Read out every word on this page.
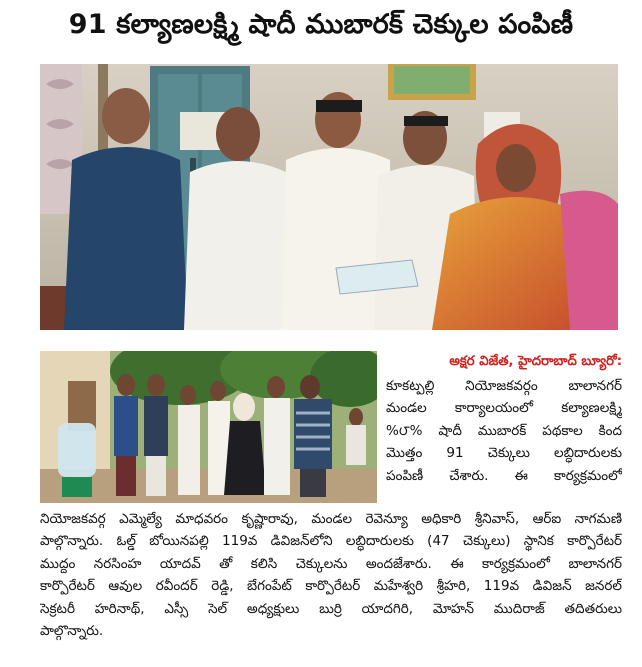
91 కల్యాణలక్ష్మి షాదీ ముబారక్ చెక్కుల పంపిణీ
అక్షర విజేత, హైదరాబాద్ బ్యూరో:
కూకట్పల్లి నియోజకవర్గం బాలానగర్
మండల కార్యాలయంలో కల్యాణలక్ష్మి
%౮% షాదీ ముబారక్ పథకాల కింద
మొత్తం 91 చెక్కులు లబ్ధిదారులకు
పంపిణీ చేశారు. ఈ కార్యక్రమంలో
నియోజకవర్గ ఎమ్మెల్యే మాధవరం కృష్ణారావు, మండల రెవెన్యూ అధికారి శ్రీనివాస్, ఆర్ఐ నాగమణి
పాల్గొన్నారు. ఓల్డ్ బోయినపల్లి 119వ డివిజన్‌లోని లబ్ధిదారులకు (47 చెక్కులు) స్థానిక కార్పొరేటర్
ముద్దం నరసింహ యాదవ్ తో కలిసి చెక్కులను అందజేశారు. ఈ కార్యక్రమంలో బాలానగర్
కార్పొరేటర్ ఆవుల రవీందర్ రెడ్డి, బేగంపేట్ కార్పొరేటర్ మహేశ్వరి శ్రీహరి, 119వ డివిజన్ జనరల్
సెక్రటరీ హరినాథ్, ఎస్సీ సెల్ అధ్యక్షులు బుర్రి యాదగిరి, మోహన్ ముదిరాజ్ తదితరులు
పాల్గొన్నారు.
